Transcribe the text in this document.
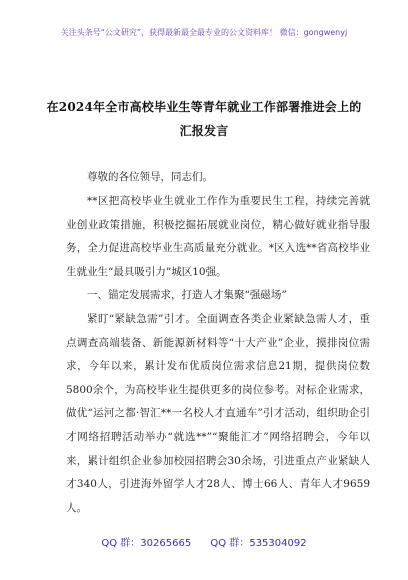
关注头条号“公文研究”，获得最新最全最专业的公文资料库！ 微信：gongwenyj
在2024年全市高校毕业生等青年就业工作部署推进会上的
汇报发言
尊敬的各位领导，同志们。
**区把高校毕业生就业工作作为重要民生工程，持续完善就业创业政策措施，积极挖掘拓展就业岗位，精心做好就业指导服务，全力促进高校毕业生高质量充分就业。*区入选**省高校毕业生就业生“最具吸引力”城区10强。
一、锚定发展需求，打造人才集聚“强磁场”
紧盯“紧缺急需”引才。全面调查各类企业紧缺急需人才，重点调查高端装备、新能源新材料等“十大产业”企业，摸排岗位需求，今年以来，累计发布优质岗位需求信息21期，提供岗位数5800余个，为高校毕业生提供更多的岗位参考。对标企业需求，做优“运河之都·智汇**一名校人才直通车”引才活动，组织助企引才网络招聘活动举办“就选**”“聚能汇才”网络招聘会，今年以来，累计组织企业参加校园招聘会30余场，引进重点产业紧缺人才340人，引进海外留学人才28人、博士66人、青年人才9659人。
QQ 群：30265665 QQ 群：535304092
